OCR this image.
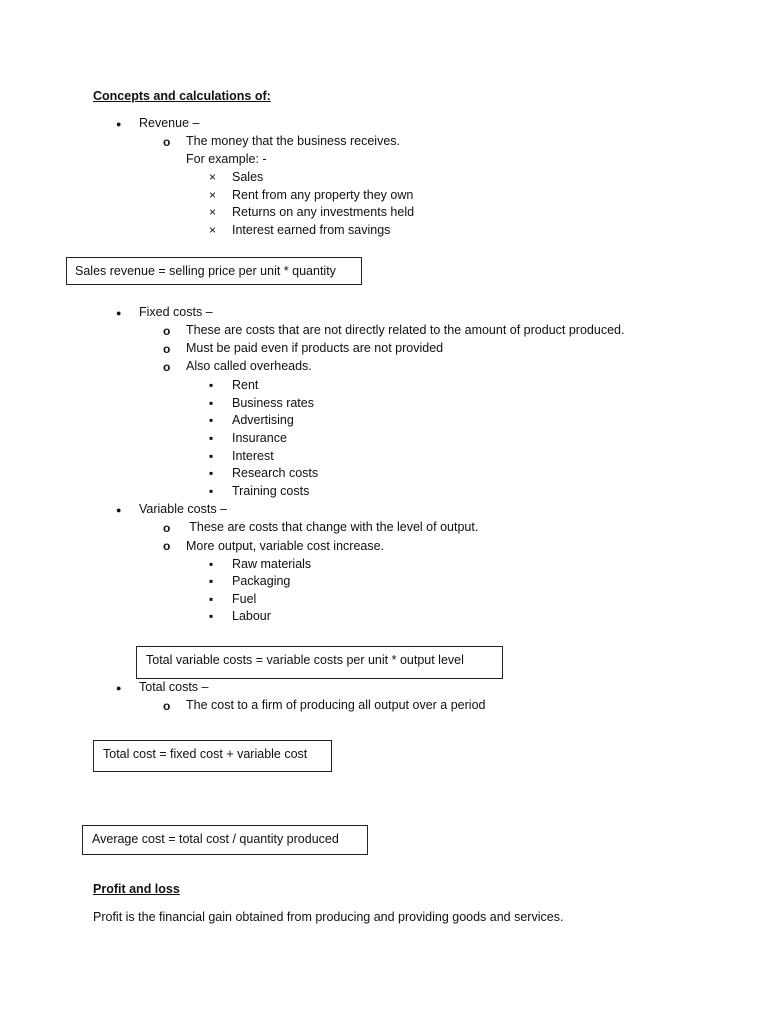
Concepts and calculations of:
● Revenue –
o The money that the business receives.
For example: -
× Sales
× Rent from any property they own
× Returns on any investments held
× Interest earned from savings
Sales revenue = selling price per unit * quantity
● Fixed costs –
o These are costs that are not directly related to the amount of product produced.
o Must be paid even if products are not provided
o Also called overheads.
▪ Rent
▪ Business rates
▪ Advertising
▪ Insurance
▪ Interest
▪ Research costs
▪ Training costs
● Variable costs –
o These are costs that change with the level of output.
o More output, variable cost increase.
▪ Raw materials
▪ Packaging
▪ Fuel
▪ Labour
Total variable costs = variable costs per unit * output level
● Total costs –
o The cost to a firm of producing all output over a period
Total cost = fixed cost + variable cost
Average cost = total cost / quantity produced
Profit and loss
Profit is the financial gain obtained from producing and providing goods and services.
